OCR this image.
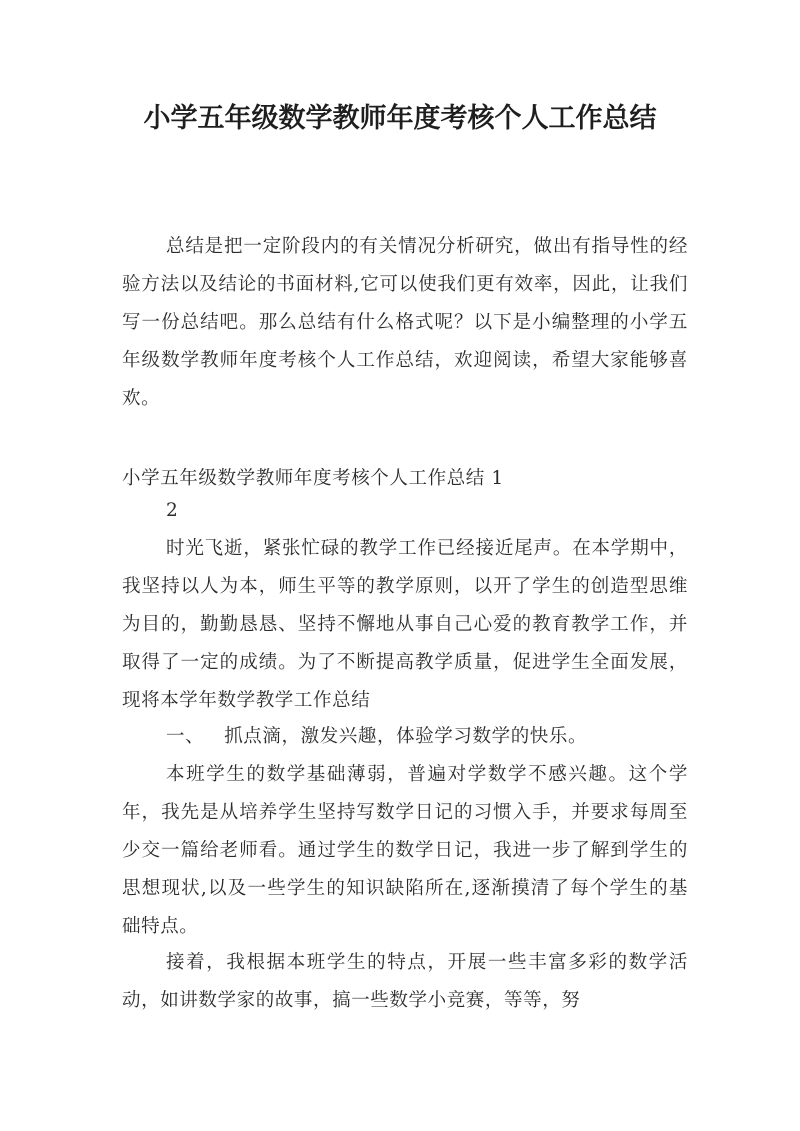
小学五年级数学教师年度考核个人工作总结

总结是把一定阶段内的有关情况分析研究，做出有指导性的经验方法以及结论的书面材料,它可以使我们更有效率，因此，让我们写一份总结吧。那么总结有什么格式呢？以下是小编整理的小学五年级数学教师年度考核个人工作总结，欢迎阅读，希望大家能够喜欢。

小学五年级数学教师年度考核个人工作总结 1

2

时光飞逝，紧张忙碌的教学工作已经接近尾声。在本学期中，我坚持以人为本，师生平等的教学原则，以开了学生的创造型思维为目的，勤勤恳恳、坚持不懈地从事自己心爱的教育教学工作，并取得了一定的成绩。为了不断提高教学质量，促进学生全面发展，现将本学年数学教学工作总结

一、 抓点滴，激发兴趣，体验学习数学的快乐。

本班学生的数学基础薄弱，普遍对学数学不感兴趣。这个学年，我先是从培养学生坚持写数学日记的习惯入手，并要求每周至少交一篇给老师看。通过学生的数学日记，我进一步了解到学生的思想现状,以及一些学生的知识缺陷所在,逐渐摸清了每个学生的基础特点。

接着，我根据本班学生的特点，开展一些丰富多彩的数学活动，如讲数学家的故事，搞一些数学小竞赛，等等，努
